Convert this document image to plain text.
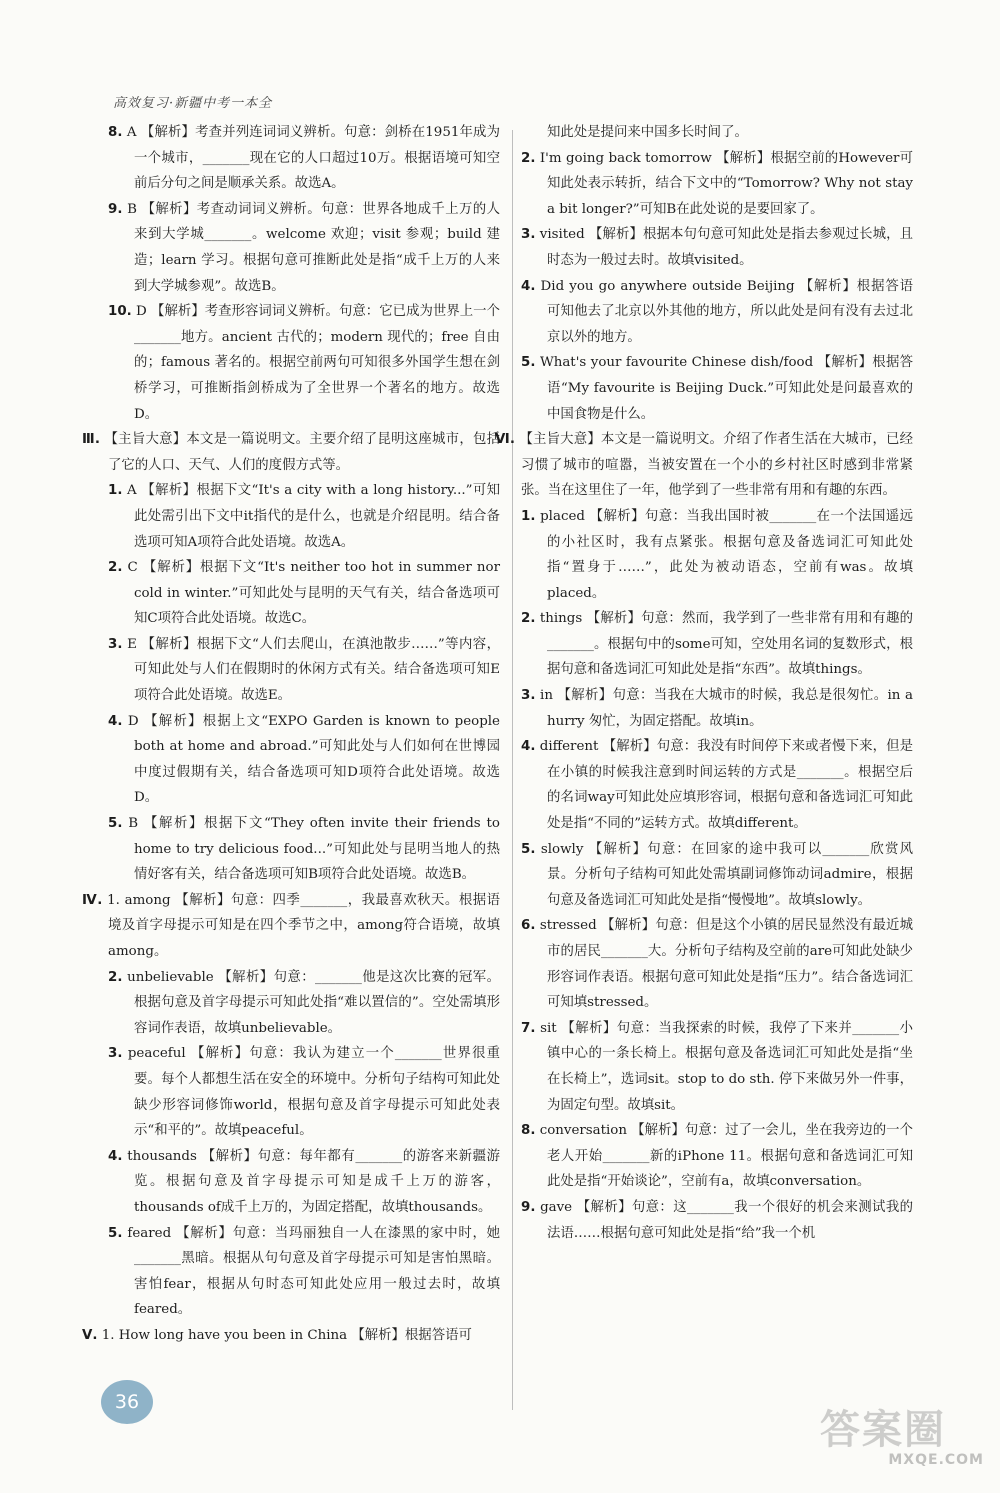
高效复习·新疆中考一本全

8. A 【解析】考查并列连词词义辨析。句意：剑桥在1951年成为一个城市，_______现在它的人口超过10万。根据语境可知空前后分句之间是顺承关系。故选A。

9. B 【解析】考查动词词义辨析。句意：世界各地成千上万的人来到大学城_______。welcome 欢迎；visit 参观；build 建造；learn 学习。根据句意可推断此处是指“成千上万的人来到大学城参观”。故选B。

10. D 【解析】考查形容词词义辨析。句意：它已成为世界上一个_______地方。ancient 古代的；modern 现代的；free 自由的；famous 著名的。根据空前两句可知很多外国学生想在剑桥学习，可推断指剑桥成为了全世界一个著名的地方。故选D。

Ⅲ. 【主旨大意】本文是一篇说明文。主要介绍了昆明这座城市，包括了它的人口、天气、人们的度假方式等。

1. A 【解析】根据下文“It's a city with a long history...”可知此处需引出下文中it指代的是什么，也就是介绍昆明。结合备选项可知A项符合此处语境。故选A。

2. C 【解析】根据下文“It's neither too hot in summer nor cold in winter.”可知此处与昆明的天气有关，结合备选项可知C项符合此处语境。故选C。

3. E 【解析】根据下文“人们去爬山，在滇池散步……”等内容，可知此处与人们在假期时的休闲方式有关。结合备选项可知E项符合此处语境。故选E。

4. D 【解析】根据上文“EXPO Garden is known to people both at home and abroad.”可知此处与人们如何在世博园中度过假期有关，结合备选项可知D项符合此处语境。故选D。

5. B 【解析】根据下文“They often invite their friends to home to try delicious food...”可知此处与昆明当地人的热情好客有关，结合备选项可知B项符合此处语境。故选B。

Ⅳ. 1. among 【解析】句意：四季_______，我最喜欢秋天。根据语境及首字母提示可知是在四个季节之中，among符合语境，故填among。

2. unbelievable 【解析】句意：_______他是这次比赛的冠军。根据句意及首字母提示可知此处指“难以置信的”。空处需填形容词作表语，故填unbelievable。

3. peaceful 【解析】句意：我认为建立一个_______世界很重要。每个人都想生活在安全的环境中。分析句子结构可知此处缺少形容词修饰world，根据句意及首字母提示可知此处表示“和平的”。故填peaceful。

4. thousands 【解析】句意：每年都有_______的游客来新疆游览。根据句意及首字母提示可知是成千上万的游客，thousands of成千上万的，为固定搭配，故填thousands。

5. feared 【解析】句意：当玛丽独自一人在漆黑的家中时，她_______黑暗。根据从句句意及首字母提示可知是害怕黑暗。害怕fear，根据从句时态可知此处应用一般过去时，故填feared。

Ⅴ. 1. How long have you been in China 【解析】根据答语可

知此处是提问来中国多长时间了。

2. I'm going back tomorrow 【解析】根据空前的However可知此处表示转折，结合下文中的“Tomorrow? Why not stay a bit longer?”可知B在此处说的是要回家了。

3. visited 【解析】根据本句句意可知此处是指去参观过长城，且时态为一般过去时。故填visited。

4. Did you go anywhere outside Beijing 【解析】根据答语可知他去了北京以外其他的地方，所以此处是问有没有去过北京以外的地方。

5. What's your favourite Chinese dish/food 【解析】根据答语“My favourite is Beijing Duck.”可知此处是问最喜欢的中国食物是什么。

Ⅵ. 【主旨大意】本文是一篇说明文。介绍了作者生活在大城市，已经习惯了城市的喧嚣，当被安置在一个小的乡村社区时感到非常紧张。当在这里住了一年，他学到了一些非常有用和有趣的东西。

1. placed 【解析】句意：当我出国时被_______在一个法国遥远的小社区时，我有点紧张。根据句意及备选词汇可知此处指“置身于……”，此处为被动语态，空前有was。故填placed。

2. things 【解析】句意：然而，我学到了一些非常有用和有趣的_______。根据句中的some可知，空处用名词的复数形式，根据句意和备选词汇可知此处是指“东西”。故填things。

3. in 【解析】句意：当我在大城市的时候，我总是很匆忙。in a hurry 匆忙，为固定搭配。故填in。

4. different 【解析】句意：我没有时间停下来或者慢下来，但是在小镇的时候我注意到时间运转的方式是_______。根据空后的名词way可知此处应填形容词，根据句意和备选词汇可知此处是指“不同的”运转方式。故填different。

5. slowly 【解析】句意：在回家的途中我可以_______欣赏风景。分析句子结构可知此处需填副词修饰动词admire，根据句意及备选词汇可知此处是指“慢慢地”。故填slowly。

6. stressed 【解析】句意：但是这个小镇的居民显然没有最近城市的居民_______大。分析句子结构及空前的are可知此处缺少形容词作表语。根据句意可知此处是指“压力”。结合备选词汇可知填stressed。

7. sit 【解析】句意：当我探索的时候，我停了下来并_______小镇中心的一条长椅上。根据句意及备选词汇可知此处是指“坐在长椅上”，选词sit。stop to do sth. 停下来做另外一件事，为固定句型。故填sit。

8. conversation 【解析】句意：过了一会儿，坐在我旁边的一个老人开始_______新的iPhone 11。根据句意和备选词汇可知此处是指“开始谈论”，空前有a，故填conversation。

9. gave 【解析】句意：这_______我一个很好的机会来测试我的法语……根据句意可知此处是指“给”我一个机

36
答案圈
MXQE.COM
